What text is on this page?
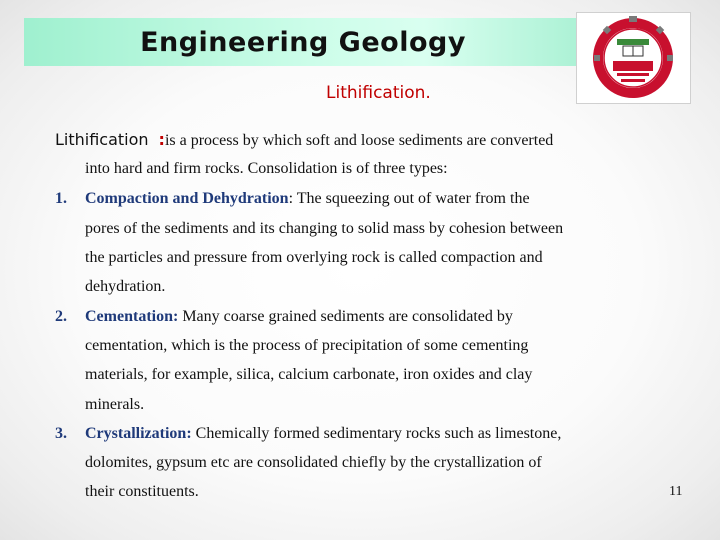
Engineering Geology
Lithification.
Lithification :is a process by which soft and loose sediments are converted
into hard and firm rocks. Consolidation is of three types:
1. Compaction and Dehydration: The squeezing out of water from the
pores of the sediments and its changing to solid mass by cohesion between
the particles and pressure from overlying rock is called compaction and
dehydration.
2. Cementation: Many coarse grained sediments are consolidated by
cementation, which is the process of precipitation of some cementing
materials, for example, silica, calcium carbonate, iron oxides and clay
minerals.
3. Crystallization: Chemically formed sedimentary rocks such as limestone,
dolomites, gypsum etc are consolidated chiefly by the crystallization of
their constituents.	11
